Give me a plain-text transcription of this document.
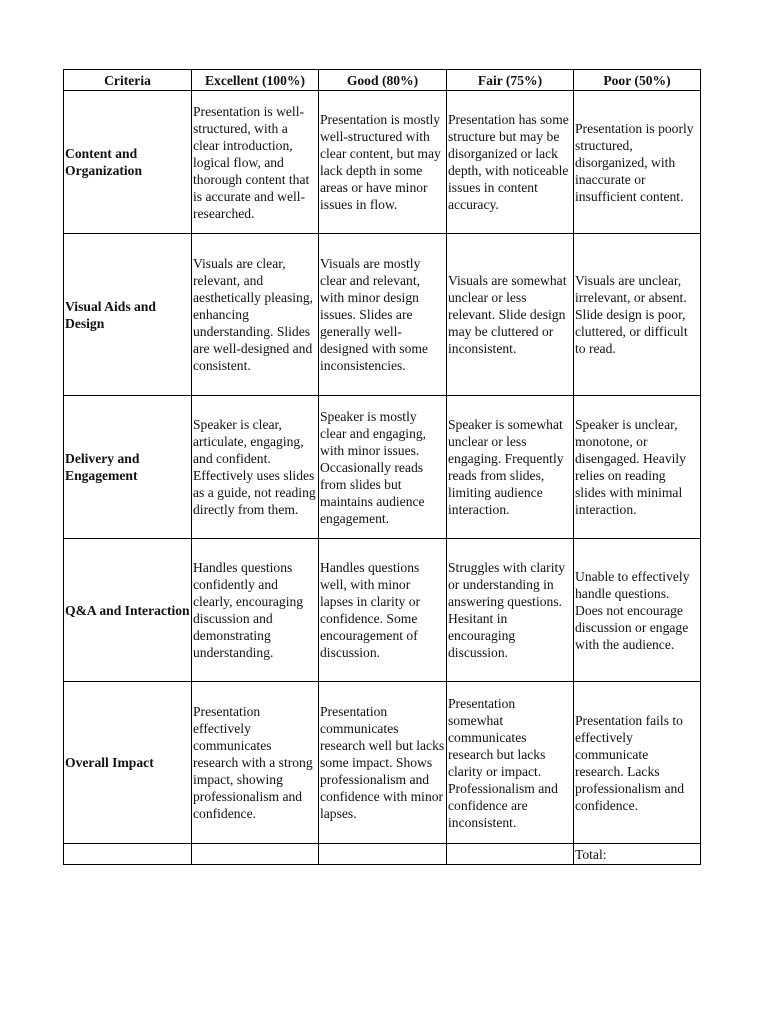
Criteria	Excellent (100%)	Good (80%)	Fair (75%)	Poor (50%)
Content and Organization	Presentation is well-structured, with a clear introduction, logical flow, and thorough content that is accurate and well-researched.	Presentation is mostly well-structured with clear content, but may lack depth in some areas or have minor issues in flow.	Presentation has some structure but may be disorganized or lack depth, with noticeable issues in content accuracy.	Presentation is poorly structured, disorganized, with inaccurate or insufficient content.
Visual Aids and Design	Visuals are clear, relevant, and aesthetically pleasing, enhancing understanding. Slides are well-designed and consistent.	Visuals are mostly clear and relevant, with minor design issues. Slides are generally well-designed with some inconsistencies.	Visuals are somewhat unclear or less relevant. Slide design may be cluttered or inconsistent.	Visuals are unclear, irrelevant, or absent. Slide design is poor, cluttered, or difficult to read.
Delivery and Engagement	Speaker is clear, articulate, engaging, and confident. Effectively uses slides as a guide, not reading directly from them.	Speaker is mostly clear and engaging, with minor issues. Occasionally reads from slides but maintains audience engagement.	Speaker is somewhat unclear or less engaging. Frequently reads from slides, limiting audience interaction.	Speaker is unclear, monotone, or disengaged. Heavily relies on reading slides with minimal interaction.
Q&A and Interaction	Handles questions confidently and clearly, encouraging discussion and demonstrating understanding.	Handles questions well, with minor lapses in clarity or confidence. Some encouragement of discussion.	Struggles with clarity or understanding in answering questions. Hesitant in encouraging discussion.	Unable to effectively handle questions. Does not encourage discussion or engage with the audience.
Overall Impact	Presentation effectively communicates research with a strong impact, showing professionalism and confidence.	Presentation communicates research well but lacks some impact. Shows professionalism and confidence with minor lapses.	Presentation somewhat communicates research but lacks clarity or impact. Professionalism and confidence are inconsistent.	Presentation fails to effectively communicate research. Lacks professionalism and confidence.
				Total:
